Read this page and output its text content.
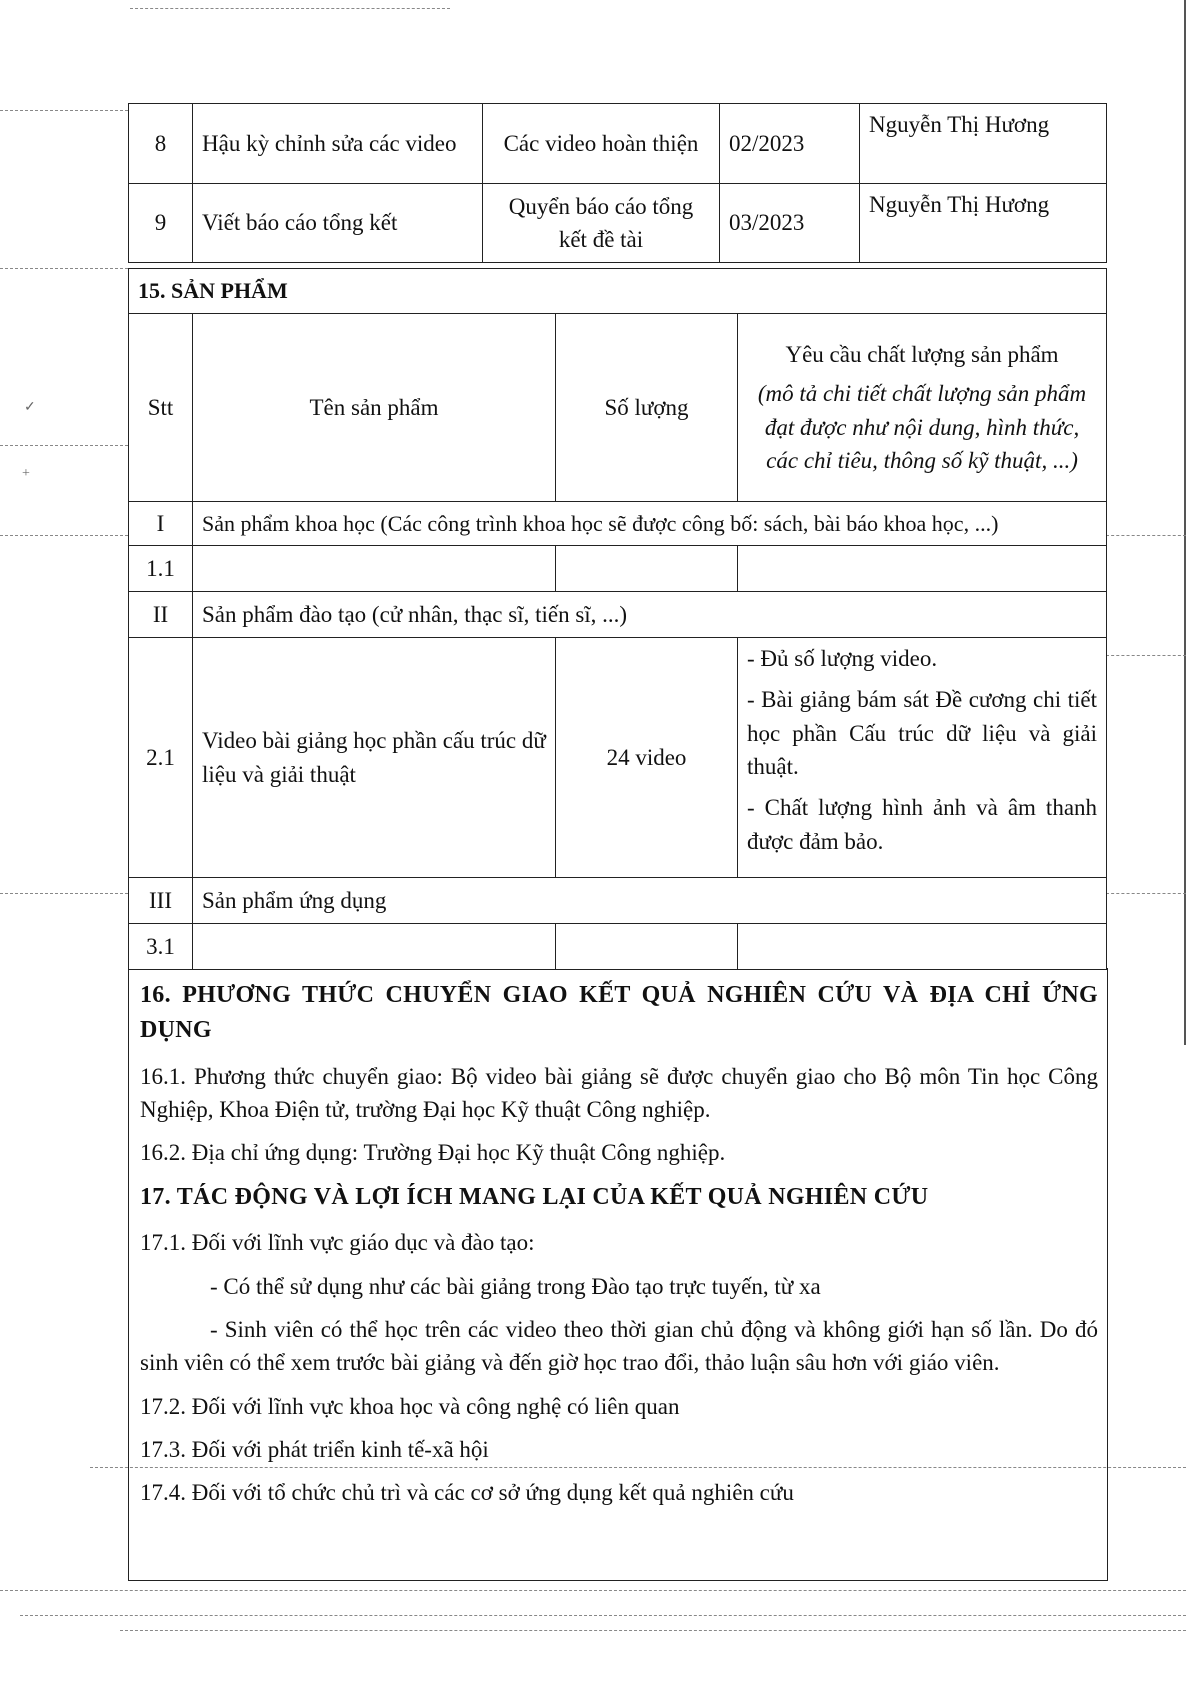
✓
+
8	Hậu kỳ chỉnh sửa các video	Các video hoàn thiện	02/2023	Nguyễn Thị Hương
9	Viết báo cáo tổng kết	Quyển báo cáo tổng kết đề tài	03/2023	Nguyễn Thị Hương
15. SẢN PHẨM			
Stt	Tên sản phẩm	Số lượng	Yêu cầu chất lượng sản phẩm
(mô tả chi tiết chất lượng sản phẩm đạt được như nội dung, hình thức, các chỉ tiêu, thông số kỹ thuật, ...)

I	Sản phẩm khoa học (Các công trình khoa học sẽ được công bố: sách, bài báo khoa học, ...)		
1.1			
II	Sản phẩm đào tạo (cử nhân, thạc sĩ, tiến sĩ, ...)		
2.1	Video bài giảng học phần cấu trúc dữ liệu và giải thuật	24 video	- Đủ số lượng video.
- Bài giảng bám sát Đề cương chi tiết học phần Cấu trúc dữ liệu và giải thuật.
- Chất lượng hình ảnh và âm thanh được đảm bảo.

III	Sản phẩm ứng dụng		
3.1			

16. PHƯƠNG THỨC CHUYỂN GIAO KẾT QUẢ NGHIÊN CỨU VÀ ĐỊA CHỈ ỨNG DỤNG

16.1. Phương thức chuyển giao: Bộ video bài giảng sẽ được chuyển giao cho Bộ môn Tin học Công Nghiệp, Khoa Điện tử, trường Đại học Kỹ thuật Công nghiệp.

16.2. Địa chỉ ứng dụng: Trường Đại học Kỹ thuật Công nghiệp.

17. TÁC ĐỘNG VÀ LỢI ÍCH MANG LẠI CỦA KẾT QUẢ NGHIÊN CỨU

17.1. Đối với lĩnh vực giáo dục và đào tạo:

- Có thể sử dụng như các bài giảng trong Đào tạo trực tuyến, từ xa

- Sinh viên có thể học trên các video theo thời gian chủ động và không giới hạn số lần. Do đó sinh viên có thể xem trước bài giảng và đến giờ học trao đổi, thảo luận sâu hơn với giáo viên.

17.2. Đối với lĩnh vực khoa học và công nghệ có liên quan

17.3. Đối với phát triển kinh tế-xã hội

17.4. Đối với tổ chức chủ trì và các cơ sở ứng dụng kết quả nghiên cứu
